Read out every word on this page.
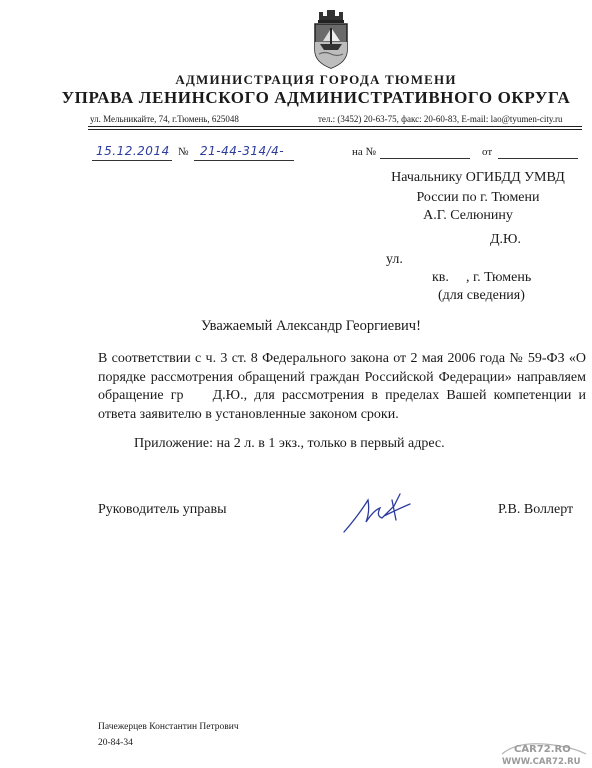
АДМИНИСТРАЦИЯ ГОРОДА ТЮМЕНИ
УПРАВА ЛЕНИНСКОГО АДМИНИСТРАТИВНОГО ОКРУГА
ул. Мельникайте, 74, г.Тюмень, 625048	тел.: (3452) 20-63-75, факс: 20-60-83, E-mail: lao@tyumen-city.ru
15.12.2014 № 21-44-314/4-	на №	от
Начальнику ОГИБДД УМВД
России по г. Тюмени
А.Г. Селюнину
Д.Ю.
ул.
кв. , г. Тюмень
(для сведения)
Уважаемый Александр Георгиевич!
В соответствии с ч. 3 ст. 8 Федерального закона от 2 мая 2006 года № 59-ФЗ «О порядке рассмотрения обращений граждан Российской Федерации» направляем обращение гр Д.Ю., для рассмотрения в пределах Вашей компетенции и ответа заявителю в установленные законом сроки.
Приложение: на 2 л. в 1 экз., только в первый адрес.
Руководитель управы	Р.В. Воллерт
Пачежерцев Константин Петрович
20-84-34
CAR72.RO
WWW.CAR72.RU
